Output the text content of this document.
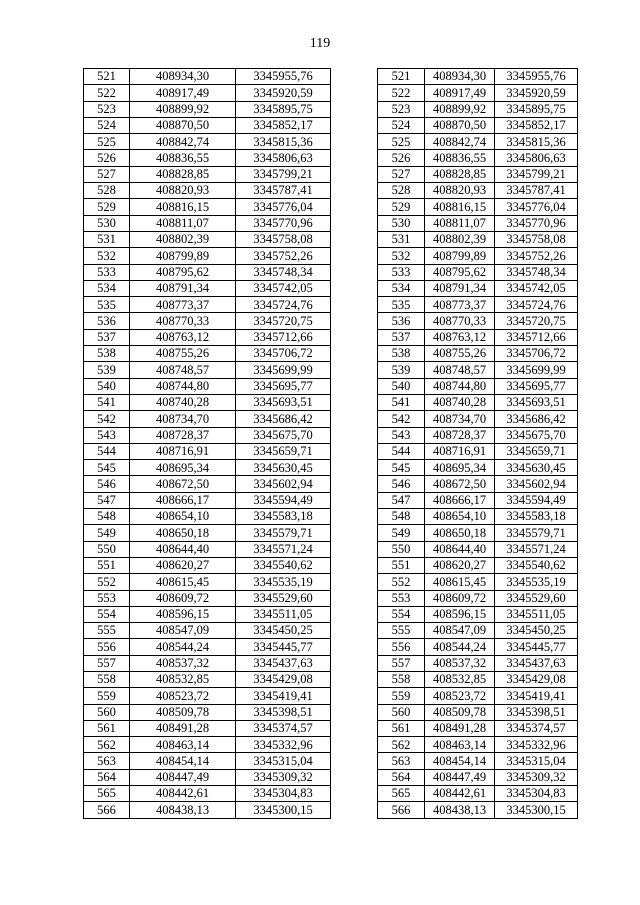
119
521	408934,30	3345955,76
522	408917,49	3345920,59
523	408899,92	3345895,75
524	408870,50	3345852,17
525	408842,74	3345815,36
526	408836,55	3345806,63
527	408828,85	3345799,21
528	408820,93	3345787,41
529	408816,15	3345776,04
530	408811,07	3345770,96
531	408802,39	3345758,08
532	408799,89	3345752,26
533	408795,62	3345748,34
534	408791,34	3345742,05
535	408773,37	3345724,76
536	408770,33	3345720,75
537	408763,12	3345712,66
538	408755,26	3345706,72
539	408748,57	3345699,99
540	408744,80	3345695,77
541	408740,28	3345693,51
542	408734,70	3345686,42
543	408728,37	3345675,70
544	408716,91	3345659,71
545	408695,34	3345630,45
546	408672,50	3345602,94
547	408666,17	3345594,49
548	408654,10	3345583,18
549	408650,18	3345579,71
550	408644,40	3345571,24
551	408620,27	3345540,62
552	408615,45	3345535,19
553	408609,72	3345529,60
554	408596,15	3345511,05
555	408547,09	3345450,25
556	408544,24	3345445,77
557	408537,32	3345437,63
558	408532,85	3345429,08
559	408523,72	3345419,41
560	408509,78	3345398,51
561	408491,28	3345374,57
562	408463,14	3345332,96
563	408454,14	3345315,04
564	408447,49	3345309,32
565	408442,61	3345304,83
566	408438,13	3345300,15
521	408934,30	3345955,76
522	408917,49	3345920,59
523	408899,92	3345895,75
524	408870,50	3345852,17
525	408842,74	3345815,36
526	408836,55	3345806,63
527	408828,85	3345799,21
528	408820,93	3345787,41
529	408816,15	3345776,04
530	408811,07	3345770,96
531	408802,39	3345758,08
532	408799,89	3345752,26
533	408795,62	3345748,34
534	408791,34	3345742,05
535	408773,37	3345724,76
536	408770,33	3345720,75
537	408763,12	3345712,66
538	408755,26	3345706,72
539	408748,57	3345699,99
540	408744,80	3345695,77
541	408740,28	3345693,51
542	408734,70	3345686,42
543	408728,37	3345675,70
544	408716,91	3345659,71
545	408695,34	3345630,45
546	408672,50	3345602,94
547	408666,17	3345594,49
548	408654,10	3345583,18
549	408650,18	3345579,71
550	408644,40	3345571,24
551	408620,27	3345540,62
552	408615,45	3345535,19
553	408609,72	3345529,60
554	408596,15	3345511,05
555	408547,09	3345450,25
556	408544,24	3345445,77
557	408537,32	3345437,63
558	408532,85	3345429,08
559	408523,72	3345419,41
560	408509,78	3345398,51
561	408491,28	3345374,57
562	408463,14	3345332,96
563	408454,14	3345315,04
564	408447,49	3345309,32
565	408442,61	3345304,83
566	408438,13	3345300,15
